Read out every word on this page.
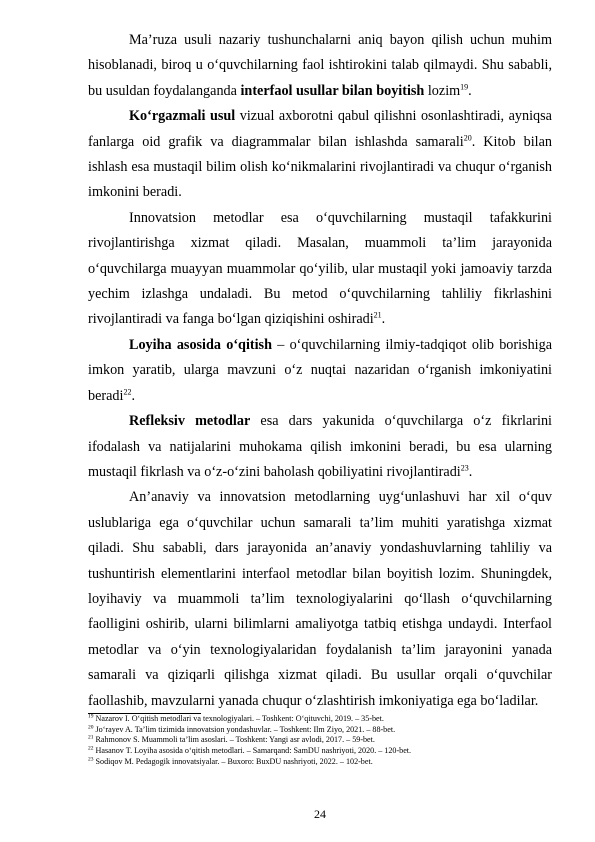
Ma’ruza usuli nazariy tushunchalarni aniq bayon qilish uchun muhim hisoblanadi, biroq u o‘quvchilarning faol ishtirokini talab qilmaydi. Shu sababli, bu usuldan foydalanganda interfaol usullar bilan boyitish lozim$^{19}$.

Ko‘rgazmali usul vizual axborotni qabul qilishni osonlashtiradi, ayniqsa fanlarga oid grafik va diagrammalar bilan ishlashda samarali$^{20}$. Kitob bilan ishlash esa mustaqil bilim olish ko‘nikmalarini rivojlantiradi va chuqur o‘rganish imkonini beradi.

Innovatsion metodlar esa o‘quvchilarning mustaqil tafakkurini rivojlantirishga xizmat qiladi. Masalan, muammoli ta’lim jarayonida o‘quvchilarga muayyan muammolar qo‘yilib, ular mustaqil yoki jamoaviy tarzda yechim izlashga undaladi. Bu metod o‘quvchilarning tahliliy fikrlashini rivojlantiradi va fanga bo‘lgan qiziqishini oshiradi$^{21}$.

Loyiha asosida o‘qitish – o‘quvchilarning ilmiy-tadqiqot olib borishiga imkon yaratib, ularga mavzuni o‘z nuqtai nazaridan o‘rganish imkoniyatini beradi$^{22}$.

Refleksiv metodlar esa dars yakunida o‘quvchilarga o‘z fikrlarini ifodalash va natijalarini muhokama qilish imkonini beradi, bu esa ularning mustaqil fikrlash va o‘z-o‘zini baholash qobiliyatini rivojlantiradi$^{23}$.

An’anaviy va innovatsion metodlarning uyg‘unlashuvi har xil o‘quv uslublariga ega o‘quvchilar uchun samarali ta’lim muhiti yaratishga xizmat qiladi. Shu sababli, dars jarayonida an’anaviy yondashuvlarning tahliliy va tushuntirish elementlarini interfaol metodlar bilan boyitish lozim. Shuningdek, loyihaviy va muammoli ta’lim texnologiyalarini qo‘llash o‘quvchilarning faolligini oshirib, ularni bilimlarni amaliyotga tatbiq etishga undaydi. Interfaol metodlar va o‘yin texnologiyalaridan foydalanish ta’lim jarayonini yanada samarali va qiziqarli qilishga xizmat qiladi. Bu usullar orqali o‘quvchilar faollashib, mavzularni yanada chuqur o‘zlashtirish imkoniyatiga ega bo‘ladilar.

$^{19}$ Nazarov I. O‘qitish metodlari va texnologiyalari. – Toshkent: O‘qituvchi, 2019. – 35-bet.
$^{20}$ Jo‘rayev A. Ta’lim tizimida innovatsion yondashuvlar. – Toshkent: Ilm Ziyo, 2021. – 88-bet.
$^{21}$ Rahmonov S. Muammoli ta’lim asoslari. – Toshkent: Yangi asr avlodi, 2017. – 59-bet.
$^{22}$ Hasanov T. Loyiha asosida o‘qitish metodlari. – Samarqand: SamDU nashriyoti, 2020. – 120-bet.
$^{23}$ Sodiqov M. Pedagogik innovatsiyalar. – Buxoro: BuxDU nashriyoti, 2022. – 102-bet.
24
